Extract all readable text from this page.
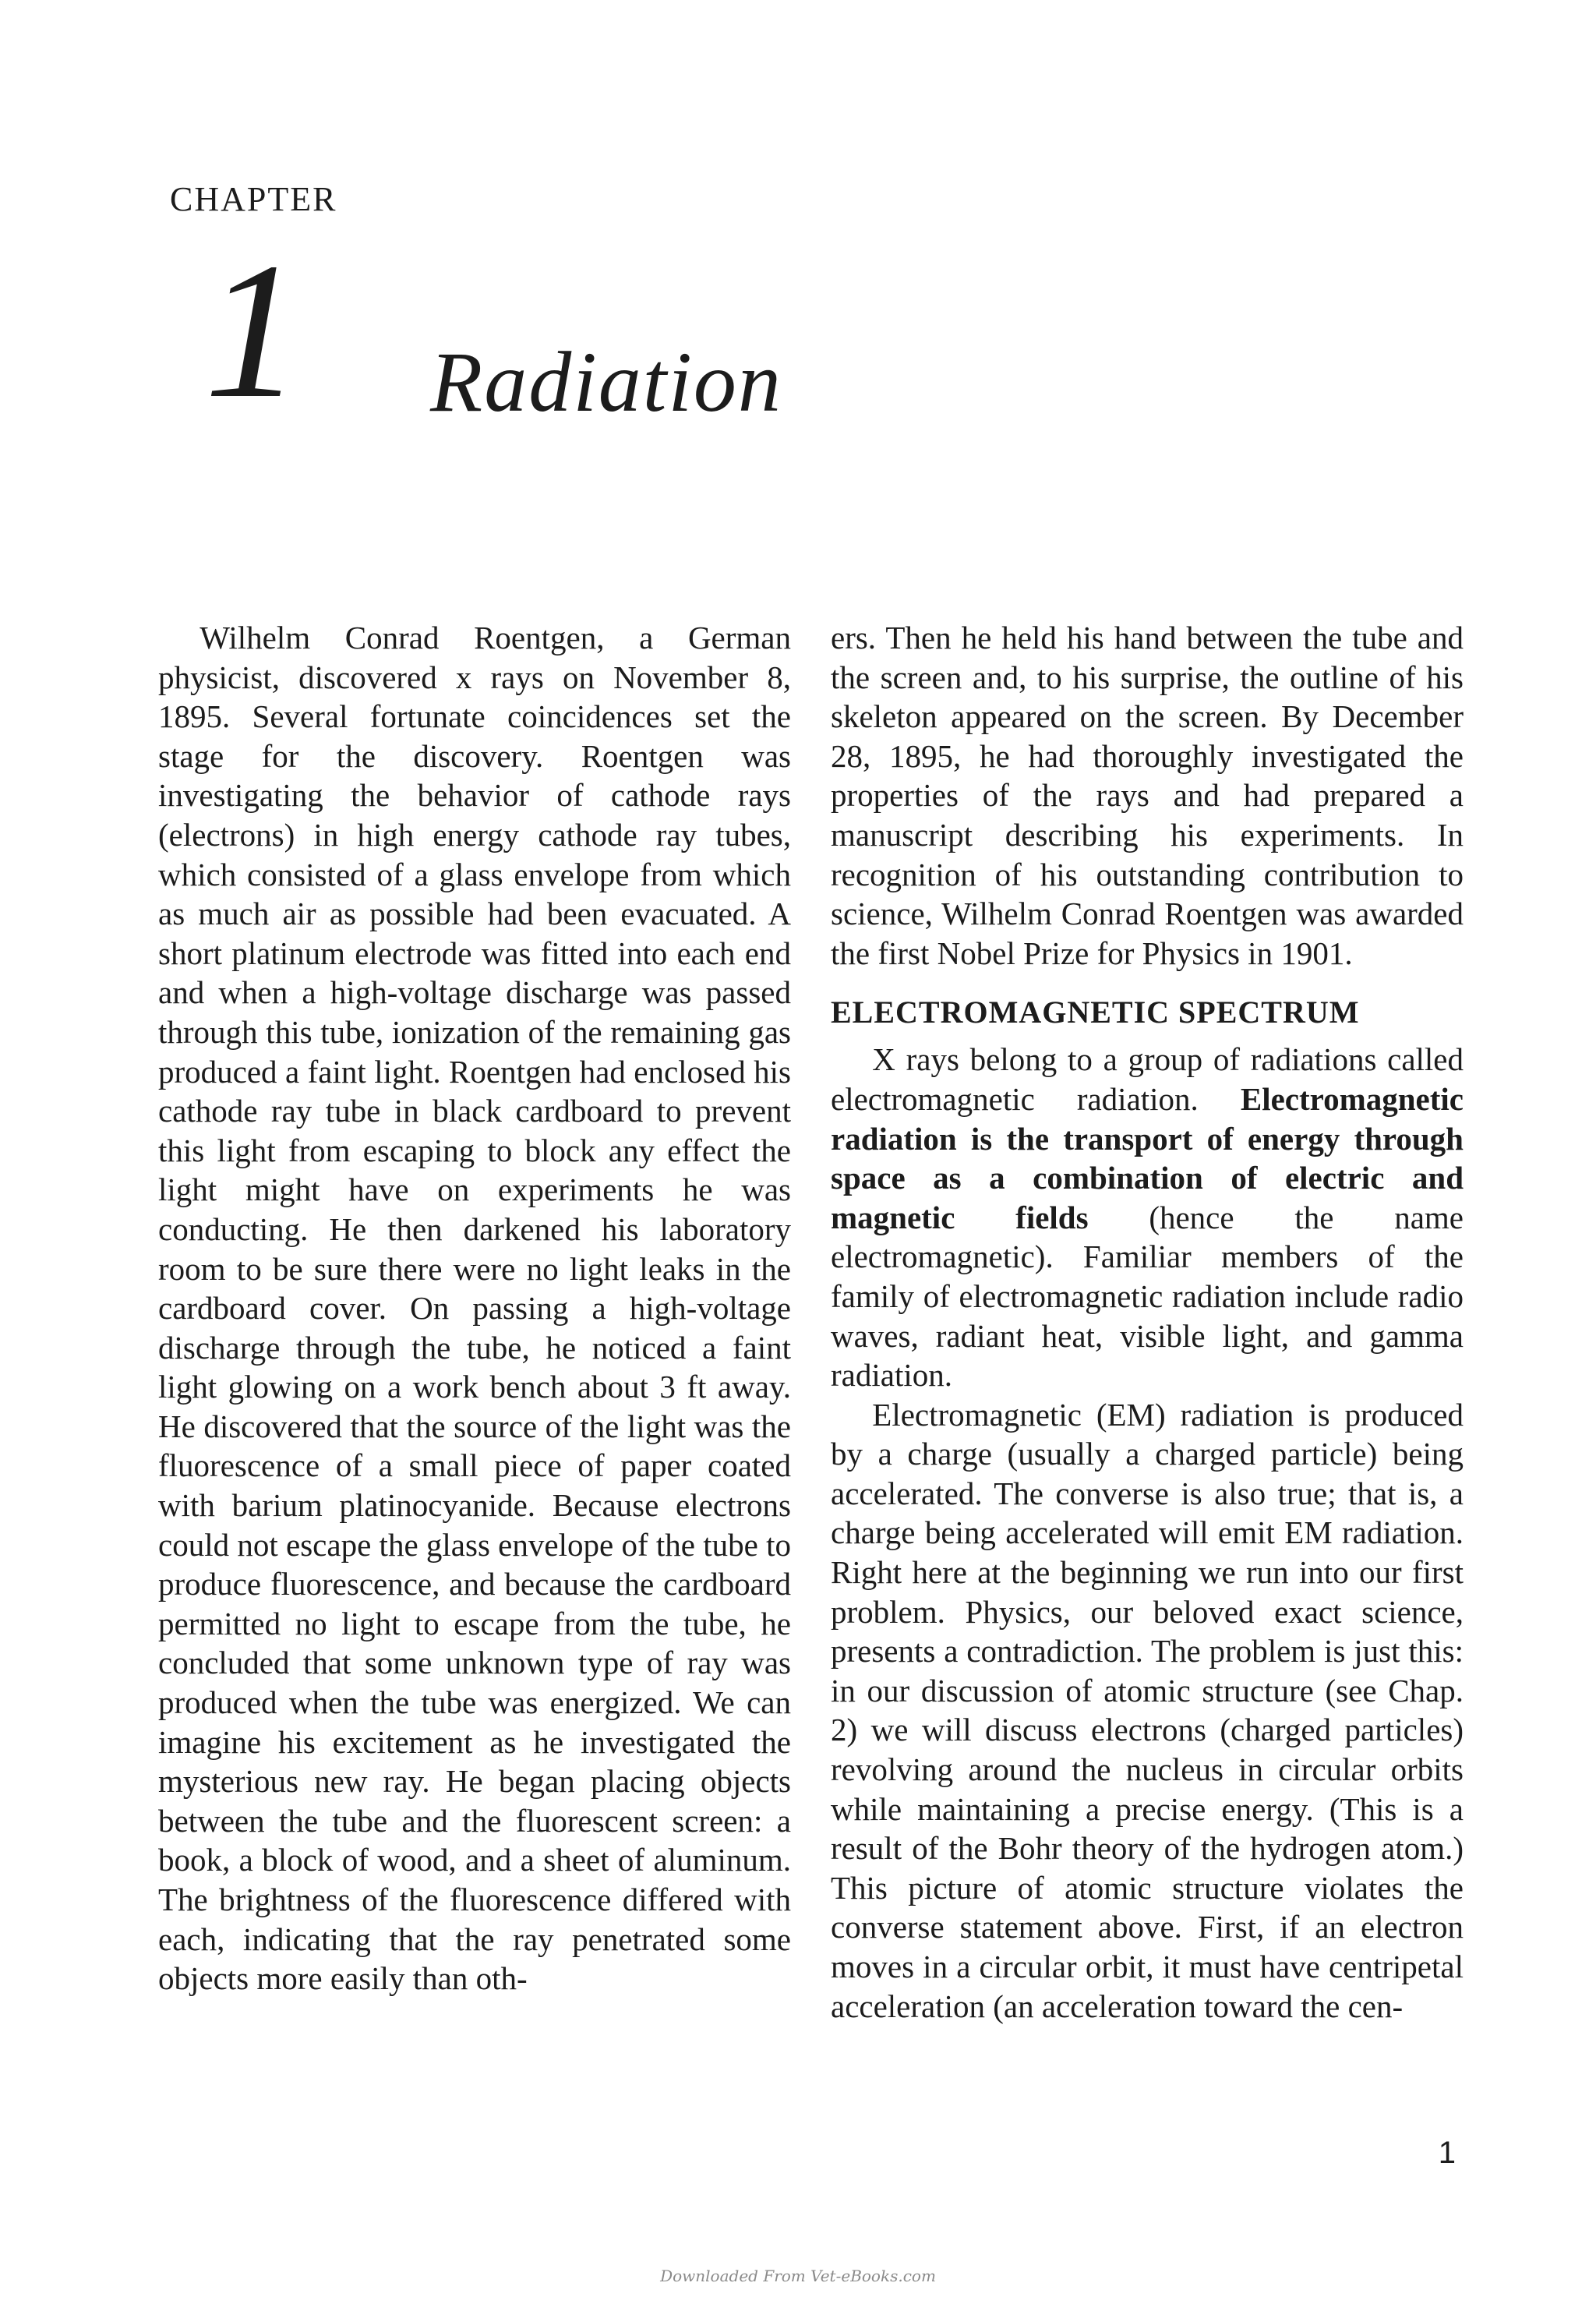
CHAPTER
1 Radiation

Wilhelm Conrad Roentgen, a German physicist, discovered x rays on November 8, 1895. Several fortunate coincidences set the stage for the discovery. Roentgen was investigating the behavior of cathode rays (electrons) in high energy cathode ray tubes, which consisted of a glass envelope from which as much air as possible had been evacuated. A short platinum electrode was fitted into each end and when a high-voltage discharge was passed through this tube, ionization of the remaining gas produced a faint light. Roentgen had enclosed his cathode ray tube in black cardboard to prevent this light from escaping to block any effect the light might have on experiments he was conducting. He then darkened his laboratory room to be sure there were no light leaks in the cardboard cover. On passing a high-voltage discharge through the tube, he noticed a faint light glowing on a work bench about 3 ft away. He discovered that the source of the light was the fluorescence of a small piece of paper coated with barium platinocyanide. Because electrons could not escape the glass envelope of the tube to produce fluorescence, and because the cardboard permitted no light to escape from the tube, he concluded that some unknown type of ray was produced when the tube was energized. We can imagine his excitement as he investigated the mysterious new ray. He began placing objects between the tube and the fluorescent screen: a book, a block of wood, and a sheet of aluminum. The brightness of the fluorescence differed with each, indicating that the ray penetrated some objects more easily than oth-

ers. Then he held his hand between the tube and the screen and, to his surprise, the outline of his skeleton appeared on the screen. By December 28, 1895, he had thoroughly investigated the properties of the rays and had prepared a manuscript describing his experiments. In recognition of his outstanding contribution to science, Wilhelm Conrad Roentgen was awarded the first Nobel Prize for Physics in 1901.

ELECTROMAGNETIC SPECTRUM

X rays belong to a group of radiations called electromagnetic radiation. Electromagnetic radiation is the transport of energy through space as a combination of electric and magnetic fields (hence the name electromagnetic). Familiar members of the family of electromagnetic radiation include radio waves, radiant heat, visible light, and gamma radiation.

Electromagnetic (EM) radiation is produced by a charge (usually a charged particle) being accelerated. The converse is also true; that is, a charge being accelerated will emit EM radiation. Right here at the beginning we run into our first problem. Physics, our beloved exact science, presents a contradiction. The problem is just this: in our discussion of atomic structure (see Chap. 2) we will discuss electrons (charged particles) revolving around the nucleus in circular orbits while maintaining a precise energy. (This is a result of the Bohr theory of the hydrogen atom.) This picture of atomic structure violates the converse statement above. First, if an electron moves in a circular orbit, it must have centripetal acceleration (an acceleration toward the cen-

1
Downloaded From Vet-eBooks.com
